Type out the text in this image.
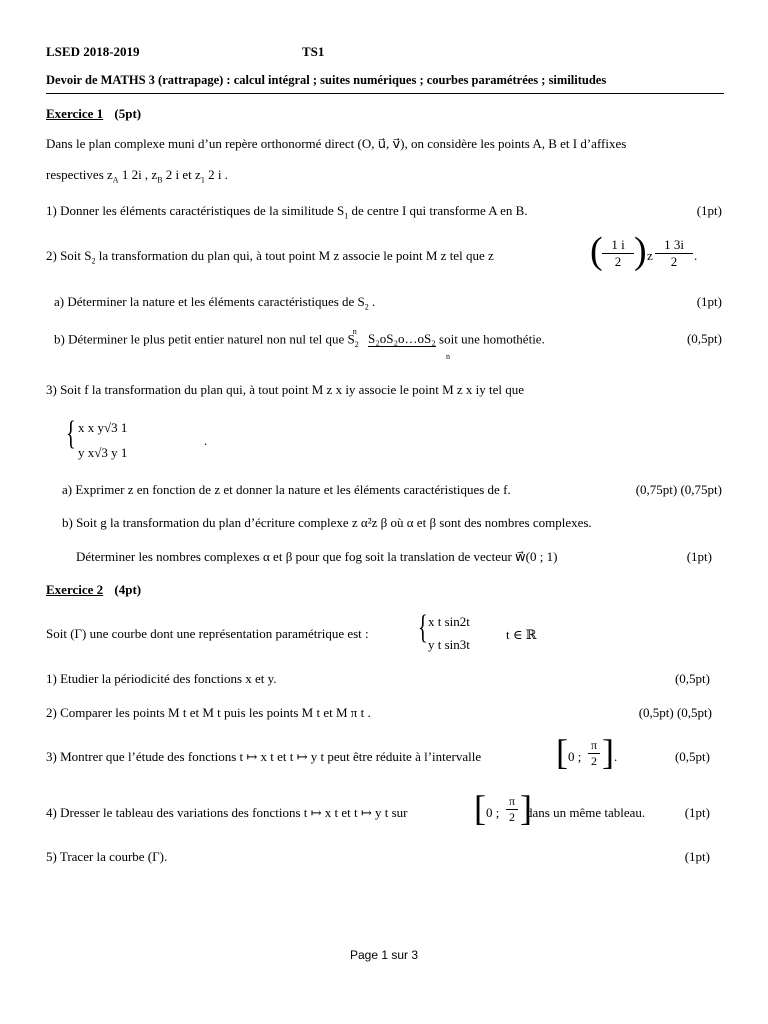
LSED 2018-2019	TS1
Devoir de MATHS 3 (rattrapage) : calcul intégral ; suites numériques ; courbes paramétrées ; similitudes
Exercice 1 (5pt)
Dans le plan complexe muni d’un repère orthonormé direct (O, u⃗, v⃗), on considère les points A, B et I d’affixes
respectives $z_A$ 1 2i , $z_B$ 2 i et $z_1$ 2 i .
1) Donner les éléments caractéristiques de la similitude $S_1$ de centre I qui transforme A en B.	(1pt)
2) Soit $S_2$ la transformation du plan qui, à tout point M z associe le point M z tel que z	( 1 i
2 ) z
1 3i
2	.
a) Déterminer la nature et les éléments caractéristiques de $S_2$ .	(1pt)
b) Déterminer le plus petit entier naturel non nul tel que $S_2^n$ S₂oS₂o…oS₂ soit une homothétie.
n
(0,5pt)
3) Soit f la transformation du plan qui, à tout point M z x iy associe le point M z x iy tel que
{ x x y√3 1
y x√3 y 1
.
a) Exprimer z en fonction de z et donner la nature et les éléments caractéristiques de f.	(0,75pt) (0,75pt)
b) Soit g la transformation du plan d’écriture complexe z α²z β où α et β sont des nombres complexes.
Déterminer les nombres complexes α et β pour que fog soit la translation de vecteur w⃗(0 ; 1)	(1pt)
Exercice 2 (4pt)
Soit (Γ) une courbe dont une représentation paramétrique est : { x t sin2t
y t sin3t
t ∈ ℝ
1) Etudier la périodicité des fonctions x et y.	(0,5pt)
2) Comparer les points M t et M t puis les points M t et M π t .	(0,5pt) (0,5pt)
3) Montrer que l’étude des fonctions t ↦ x t et t ↦ y t peut être réduite à l’intervalle [ 0 ;
π
2 ] .	(0,5pt)
4) Dresser le tableau des variations des fonctions t ↦ x t et t ↦ y t sur [ 0 ;
π
2 ]
dans un même tableau.	(1pt)
5) Tracer la courbe (Γ).	(1pt)
Page 1 sur 3
